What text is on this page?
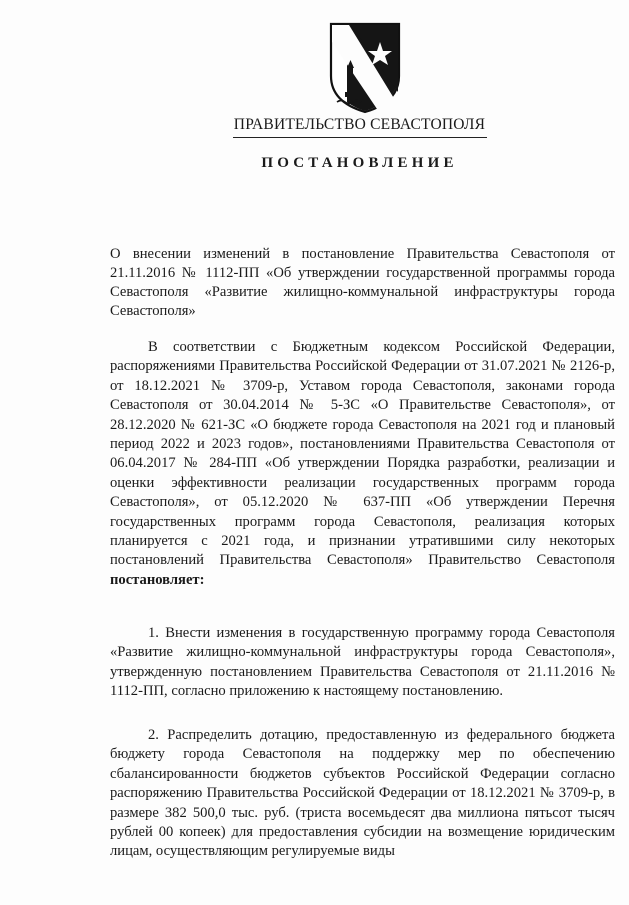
ПРАВИТЕЛЬСТВО СЕВАСТОПОЛЯ
ПОСТАНОВЛЕНИЕ
О внесении изменений в постановление Правительства Севастополя от 21.11.2016 № 1112-ПП «Об утверждении государственной программы города Севастополя «Развитие жилищно-коммунальной инфраструктуры города Севастополя»
В соответствии с Бюджетным кодексом Российской Федерации, распоряжениями Правительства Российской Федерации от 31.07.2021 № 2126-р, от 18.12.2021 № 3709-р, Уставом города Севастополя, законами города Севастополя от 30.04.2014 № 5-ЗС «О Правительстве Севастополя», от 28.12.2020 № 621-ЗС «О бюджете города Севастополя на 2021 год и плановый период 2022 и 2023 годов», постановлениями Правительства Севастополя от 06.04.2017 № 284-ПП «Об утверждении Порядка разработки, реализации и оценки эффективности реализации государственных программ города Севастополя», от 05.12.2020 № 637-ПП «Об утверждении Перечня государственных программ города Севастополя, реализация которых планируется с 2021 года, и признании утратившими силу некоторых постановлений Правительства Севастополя» Правительство Севастополя постановляет:
1. Внести изменения в государственную программу города Севастополя «Развитие жилищно-коммунальной инфраструктуры города Севастополя», утвержденную постановлением Правительства Севастополя от 21.11.2016 № 1112-ПП, согласно приложению к настоящему постановлению.
2. Распределить дотацию, предоставленную из федерального бюджета бюджету города Севастополя на поддержку мер по обеспечению сбалансированности бюджетов субъектов Российской Федерации согласно распоряжению Правительства Российской Федерации от 18.12.2021 № 3709-р, в размере 382 500,0 тыс. руб. (триста восемьдесят два миллиона пятьсот тысяч рублей 00 копеек) для предоставления субсидии на возмещение юридическим лицам, осуществляющим регулируемые виды
